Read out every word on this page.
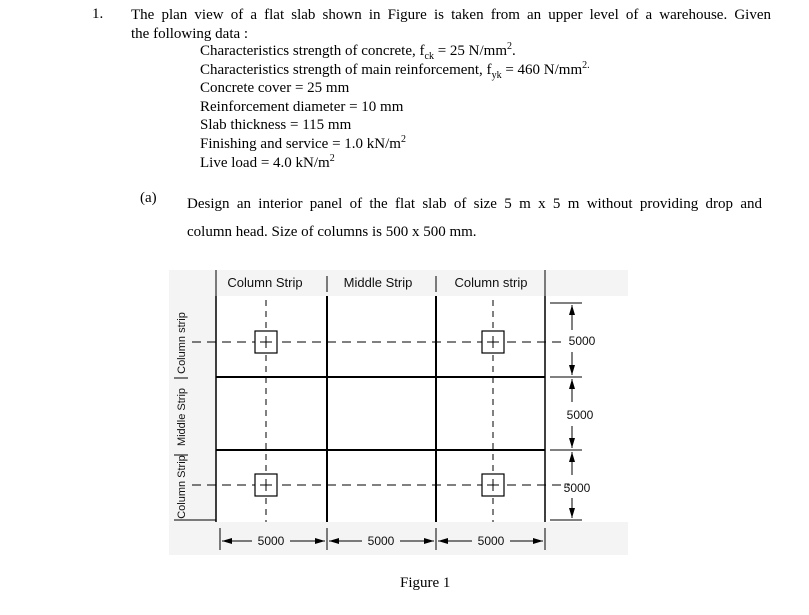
1. The plan view of a flat slab shown in Figure is taken from an upper level of a warehouse. Given
the following data :
Characteristics strength of concrete, $f_{ck} = 25$ $N/mm^2$.
Characteristics strength of main reinforcement, $f_{yk} = 460$ $N/mm^{2.}$
Concrete cover = 25 mm
Reinforcement diameter = 10 mm
Slab thickness = 115 mm
Finishing and service = 1.0 $kN/m^2$
Live load = 4.0 $kN/m^2$
(a) Design an interior panel of the flat slab of size 5 m x 5 m without providing drop and
column head. Size of columns is 500 x 500 mm.
Column Strip	Middle Strip	Column strip
Column strip
Middle Strip
Column Strip
5000	5000	5000
5000
5000
5000
Figure 1
